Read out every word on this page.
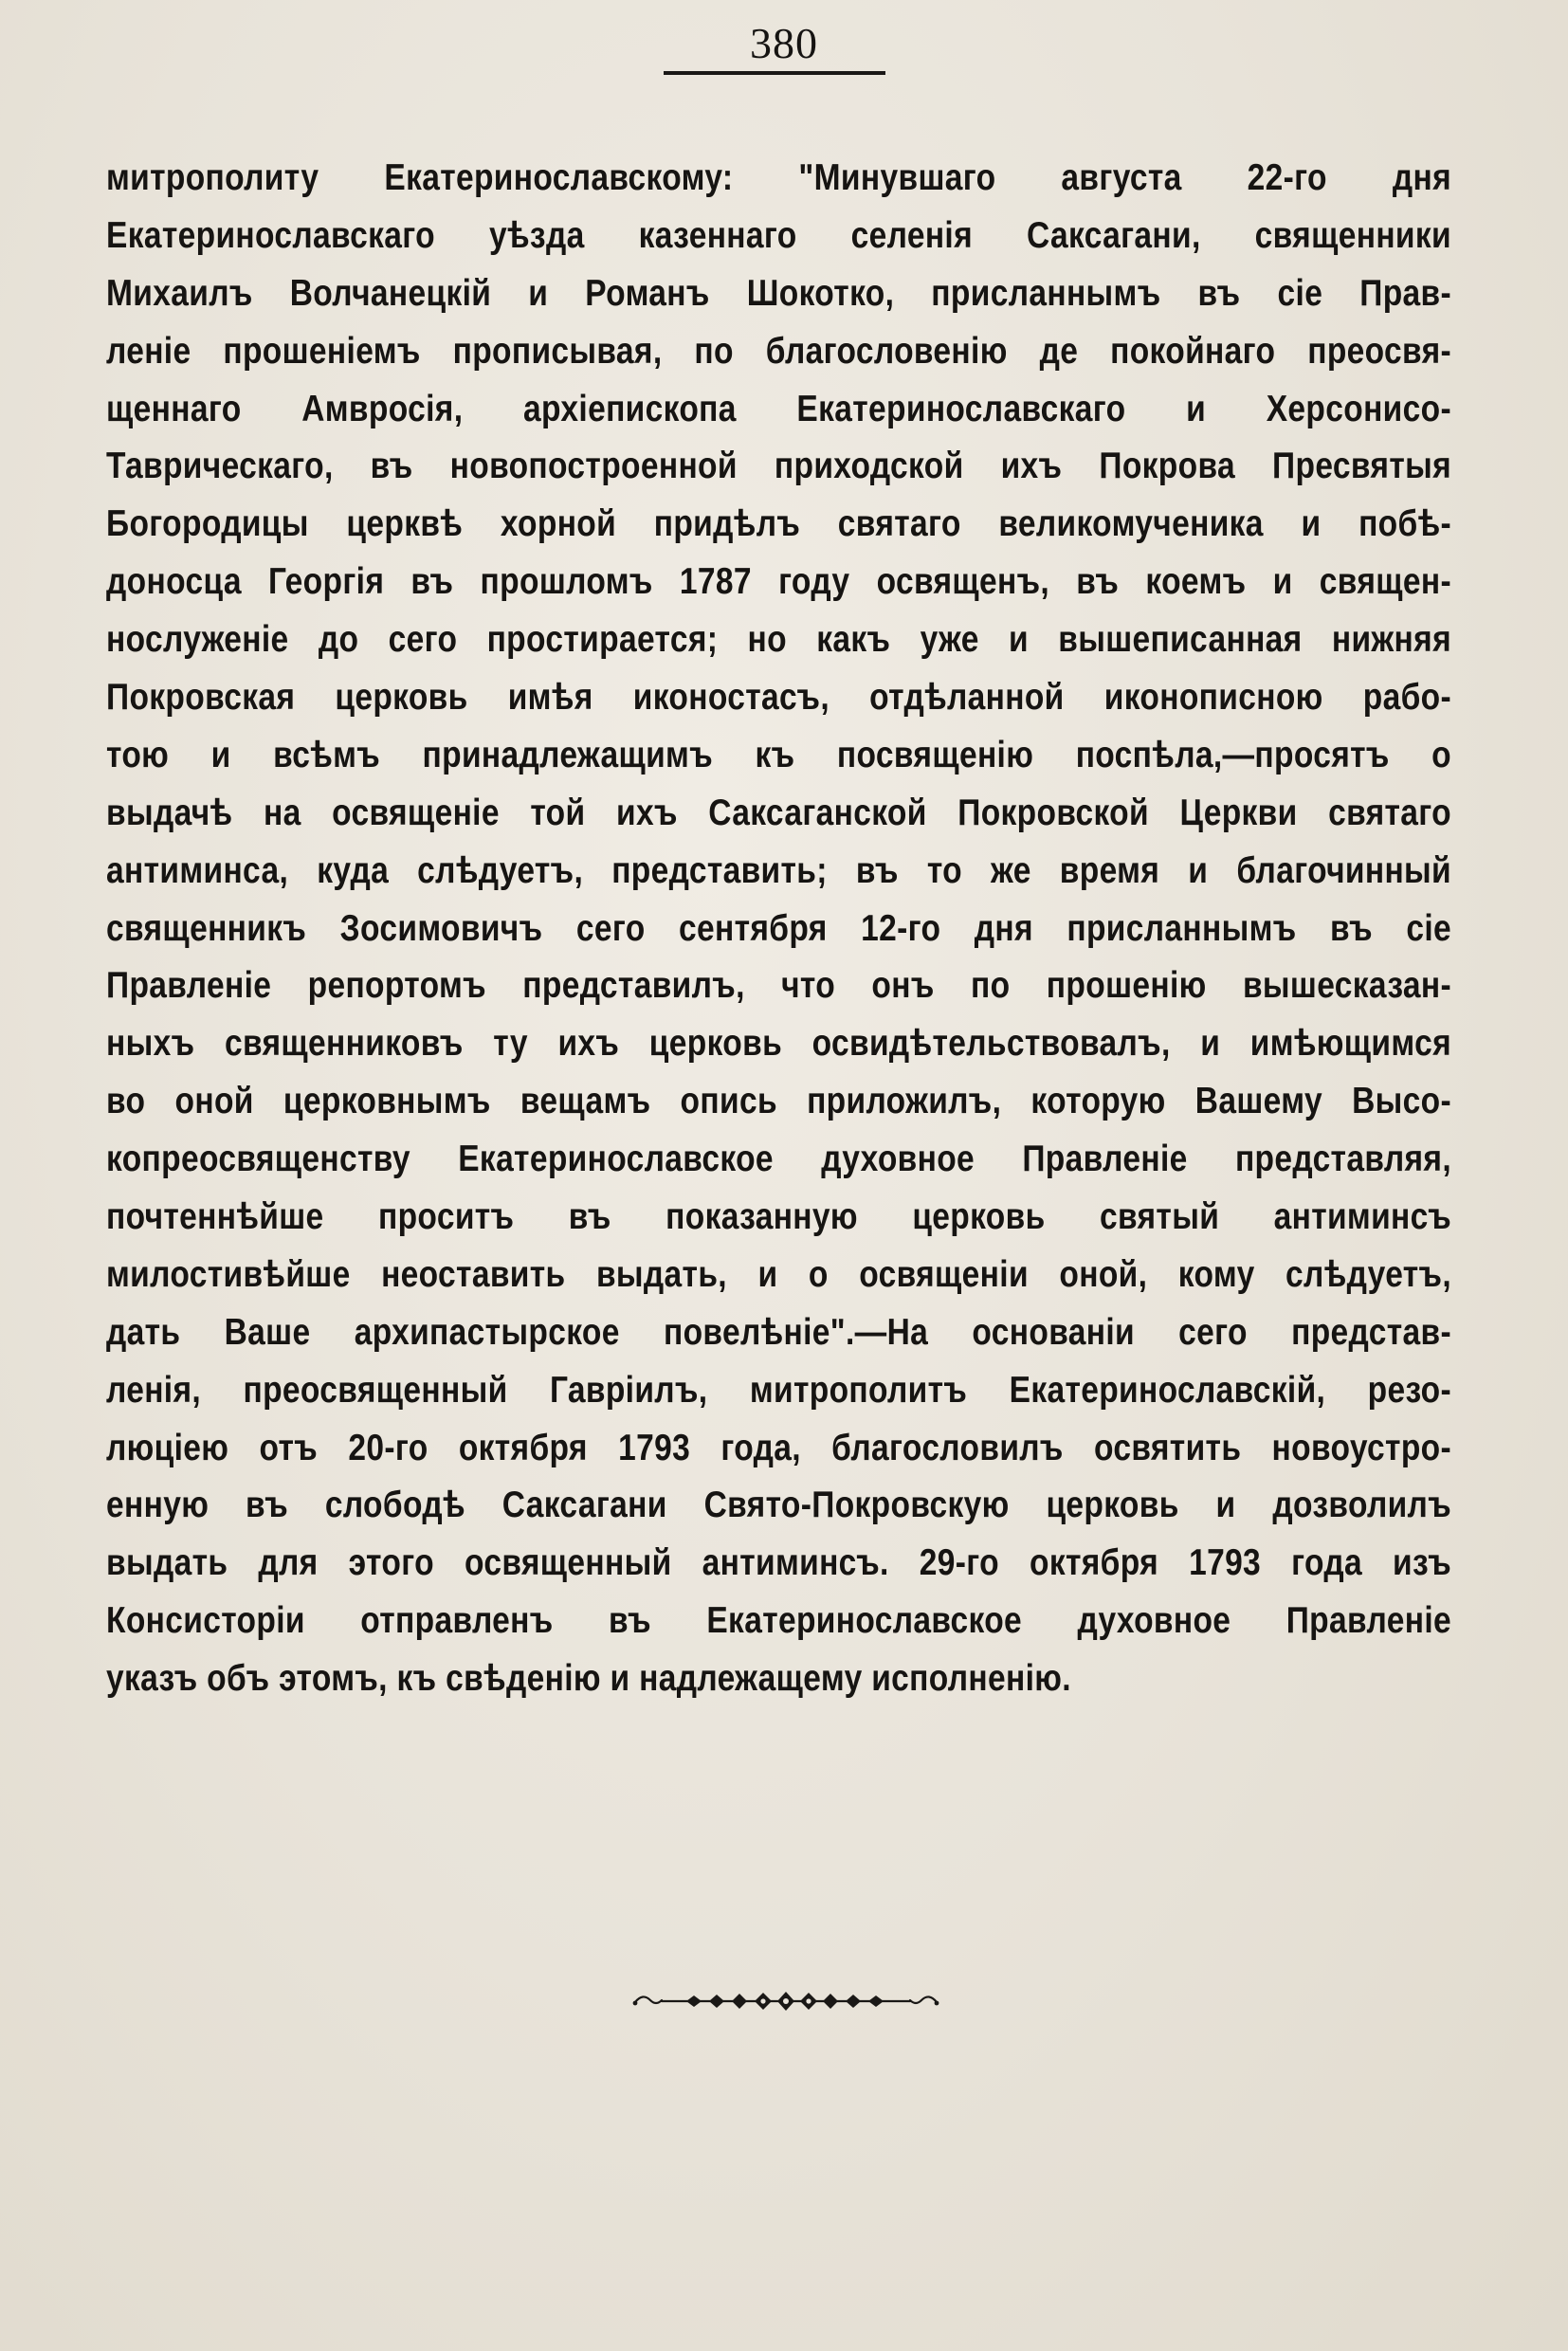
380
митрополиту Екатеринославскому: "Минувшаго августа 22-го дня
Екатеринославскаго уѣзда казеннаго селенія Саксагани, священники
Михаилъ Волчанецкій и Романъ Шокотко, присланнымъ въ сіе Прав-
леніе прошеніемъ прописывая, по благословенію де покойнаго преосвя-
щеннаго Амвросія, архіепископа Екатеринославскаго и Херсонисо-
Таврическаго, въ новопостроенной приходской ихъ Покрова Пресвятыя
Богородицы церквѣ хорной придѣлъ святаго великомученика и побѣ-
доносца Георгія въ прошломъ 1787 году освященъ, въ коемъ и священ-
нослуженіе до сего простирается; но какъ уже и вышеписанная нижняя
Покровская церковь имѣя иконостасъ, отдѣланной иконописною рабо-
тою и всѣмъ принадлежащимъ къ посвященію поспѣла,—просятъ о
выдачѣ на освященіе той ихъ Саксаганской Покровской Церкви святаго
антиминса, куда слѣдуетъ, представить; въ то же время и благочинный
священникъ Зосимовичъ сего сентября 12-го дня присланнымъ въ сіе
Правленіе репортомъ представилъ, что онъ по прошенію вышесказан-
ныхъ священниковъ ту ихъ церковь освидѣтельствовалъ, и имѣющимся
во оной церковнымъ вещамъ опись приложилъ, которую Вашему Высо-
копреосвященству Екатеринославское духовное Правленіе представляя,
почтеннѣйше проситъ въ показанную церковь святый антиминсъ
милостивѣйше неоставить выдать, и о освященіи оной, кому слѣдуетъ,
дать Ваше архипастырское повелѣніе".—На основаніи сего представ-
ленія, преосвященный Гавріилъ, митрополитъ Екатеринославскій, резо-
люціею отъ 20-го октября 1793 года, благословилъ освятить новоустро-
енную въ слободѣ Саксагани Свято-Покровскую церковь и дозволилъ
выдать для этого освященный антиминсъ. 29-го октября 1793 года изъ
Консисторіи отправленъ въ Екатеринославское духовное Правленіе
указъ объ этомъ, къ свѣденію и надлежащему исполненію.
